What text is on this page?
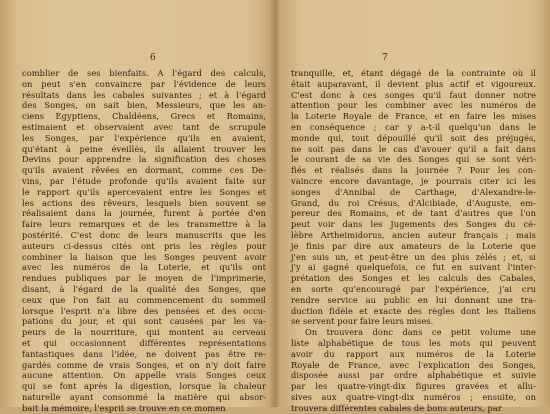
6
comblier de ses bienfaits. A l'égard des calculs,
on peut s'en convaincre par l'évidence de leurs
résultats dans les cabales suivantes ; et à l'égard
des Songes, on sait bien, Messieurs, que les an-
ciens Egyptiens, Chaldéens, Grecs et Romains,
estimaient et observaient avec tant de scrupule
les Songes, par l'expérience qu'ils en avaient,
qu'étant à peine éveillés, ils allaient trouver les
Devins pour apprendre la signification des choses
qu'ils avaient rêvées en dormant, comme ces De-
vins, par l'étude profonde qu'ils avaient faite sur
le rapport qu'ils apercevaient entre les Songes et
les actions des rêveurs, lesquels bien souvent se
réalisaient dans la journée, furent à portée d'en
faire leurs remarques et de les transmettre à la
postérité. C'est donc de leurs manuscrits que les
auteurs ci-dessus cités ont pris les règles pour
combiner la liaison que les Songes peuvent avoir
avec les numéros de la Loterie, et qu'ils ont
rendues publiques par le moyen de l'imprimerie,
disant, à l'égard de la qualité des Songes, que
ceux que l'on fait au commencement du sommeil
lorsque l'esprit n'a libre des pensées et des occu-
pations du jour, et qui sont causées par les va-
peurs de la nourriture, qui montent au cerveau
et qui occasionnent différentes représentations
fantastiques dans l'idée, ne doivent pas être re-
gardés comme de vrais Songes, et on n'y doit faire
aucune attention. On appelle vrais Songes ceux
qui se font après la digestion, lorsque la chaleur
naturelle ayant consommé la matière qui absor-
bait la mémoire, l'esprit se trouve en ce momen
7
tranquille, et, étant dégagé de la contrainte où il
était auparavant, il devient plus actif et vigoureux.
C'est donc à ces songes qu'il faut donner notre
attention pour les combiner avec les numéros de
la Loterie Royale de France, et en faire les mises
en conséquence ; car y a-t-il quelqu'un dans le
monde qui, tout dépouillé qu'il soit des préjugés,
ne soit pas dans le cas d'avouer qu'il a fait dans
le courant de sa vie des Songes qui se sont véri-
fiés et réalisés dans la journée ? Pour les con-
vaincre encore davantage, je pourrais citer ici les
songes d'Annibal de Carthage, d'Alexandre-le-
Grand, du roi Crésus, d'Alcibiade, d'Auguste, em-
pereur des Romains, et de tant d'autres que l'on
peut voir dans les Jugements des Songes du cé-
lèbre Artheimidorus, ancien auteur français ; mais
je finis par dire aux amateurs de la Loterie que
j'en suis un, et peut-être un des plus zélés ; et, si
j'y ai gagné quelquefois, ce fut en suivant l'inter-
prétation des Songes et les calculs des Cabales,
en sorte qu'encouragé par l'expérience, j'ai cru
rendre service au public en lui donnant une tra-
duction fidèle et exacte des règles dont les Italiens
se servent pour faire leurs mises.
On trouvera donc dans ce petit volume une
liste alphabétique de tous les mots qui peuvent
avoir du rapport aux numéros de la Loterie
Royale de France, avec l'explication des Songes,
disposée aussi par ordre alphabétique et suivie
par les quatre-vingt-dix figures gravées et allu-
sives aux quatre-vingt-dix numéros ; ensuite, on
trouvera différentes cabales de bons auteurs, par
